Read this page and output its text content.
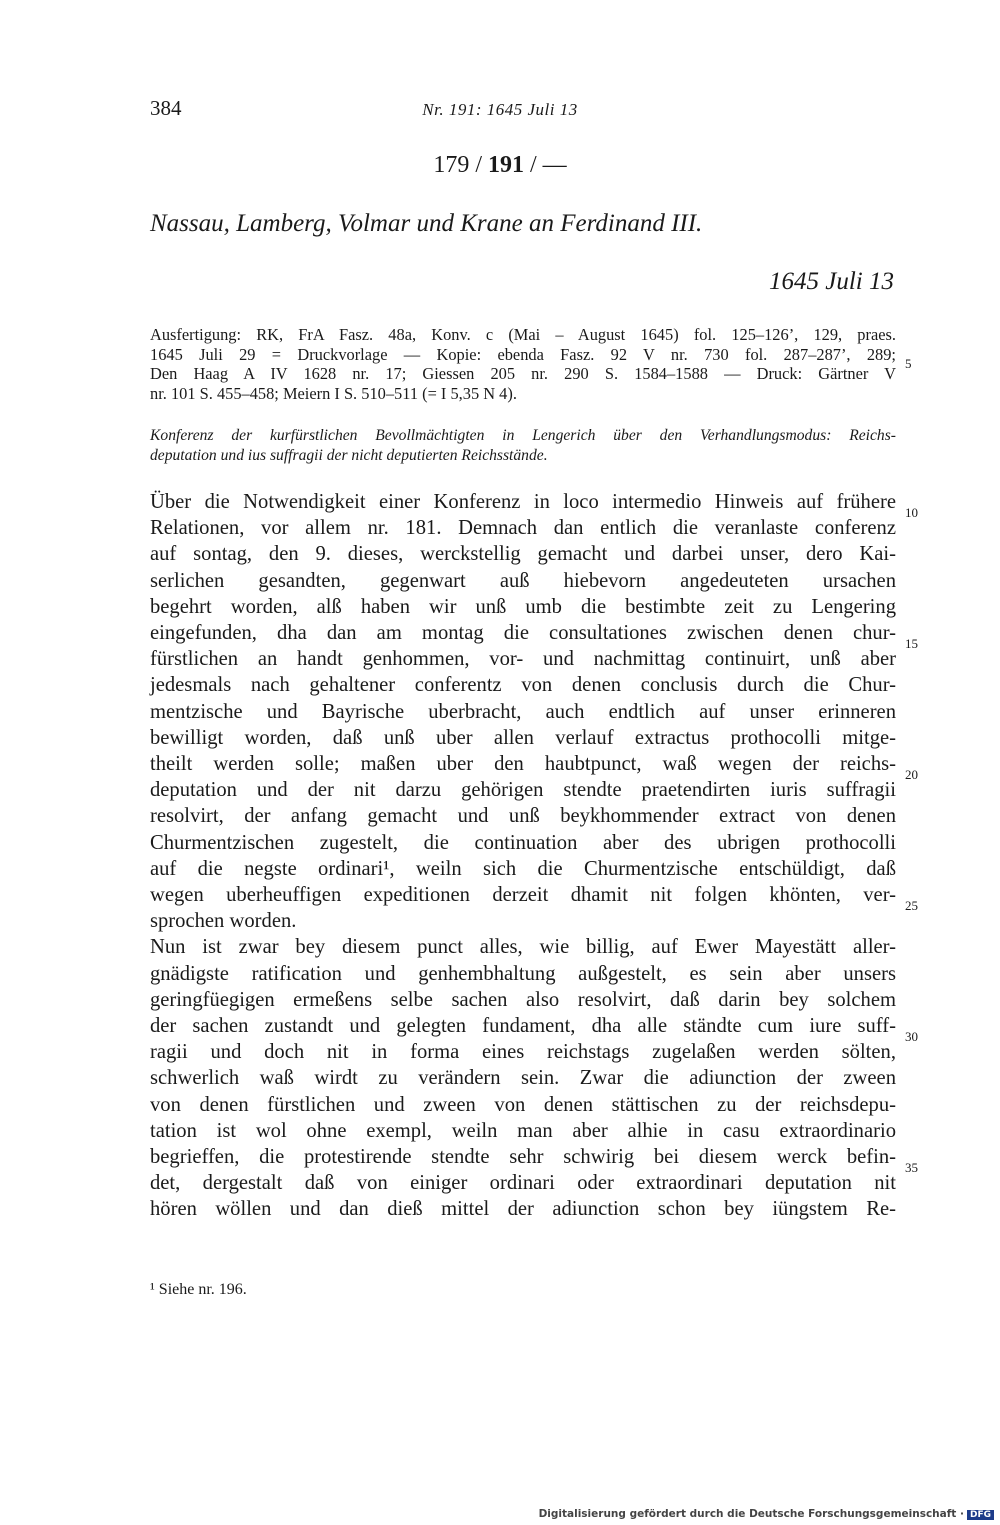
384	Nr. 191: 1645 Juli 13
179 / 191 / —
Nassau, Lamberg, Volmar und Krane an Ferdinand III.
1645 Juli 13
Ausfertigung: RK, FrA Fasz. 48a, Konv. c (Mai – August 1645) fol. 125–126’, 129, praes.
1645 Juli 29 = Druckvorlage — Kopie: ebenda Fasz. 92 V nr. 730 fol. 287–287’, 289;
Den Haag A IV 1628 nr. 17; Giessen 205 nr. 290 S. 1584–1588 — Druck: Gärtner V
nr. 101 S. 455–458; Meiern I S. 510–511 (= I 5,35 N 4).
5
Konferenz der kurfürstlichen Bevollmächtigten in Lengerich über den Verhandlungsmodus: Reichs-
deputation und ius suffragii der nicht deputierten Reichsstände.
Über die Notwendigkeit einer Konferenz in loco intermedio Hinweis auf frühere
Relationen, vor allem nr. 181. Demnach dan entlich die veranlaste conferenz
auf sontag, den 9. dieses, werckstellig gemacht und darbei unser, dero Kai-
serlichen gesandten, gegenwart auß hiebevorn angedeuteten ursachen
begehrt worden, alß haben wir unß umb die bestimbte zeit zu Lengering
eingefunden, dha dan am montag die consultationes zwischen denen chur-
fürstlichen an handt genhommen, vor- und nachmittag continuirt, unß aber
jedesmals nach gehaltener conferentz von denen conclusis durch die Chur-
mentzische und Bayrische uberbracht, auch endtlich auf unser erinneren
bewilligt worden, daß unß uber allen verlauf extractus prothocolli mitge-
theilt werden solle; maßen uber den haubtpunct, waß wegen der reichs-
deputation und der nit darzu gehörigen stendte praetendirten iuris suffragii
resolvirt, der anfang gemacht und unß beykhommender extract von denen
Churmentzischen zugestelt, die continuation aber des ubrigen prothocolli
auf die negste ordinari¹, weiln sich die Churmentzische entschüldigt, daß
wegen uberheuffigen expeditionen derzeit dhamit nit folgen khönten, ver-
sprochen worden.
Nun ist zwar bey diesem punct alles, wie billig, auf Ewer Mayestätt aller-
gnädigste ratification und genhembhaltung außgestelt, es sein aber unsers
geringfüegigen ermeßens selbe sachen also resolvirt, daß darin bey solchem
der sachen zustandt und gelegten fundament, dha alle ständte cum iure suff-
ragii und doch nit in forma eines reichstags zugelaßen werden sölten,
schwerlich waß wirdt zu verändern sein. Zwar die adiunction der zween
von denen fürstlichen und zween von denen stättischen zu der reichsdepu-
tation ist wol ohne exempl, weiln man aber alhie in casu extraordinario
begrieffen, die protestirende stendte sehr schwirig bei diesem werck befin-
det, dergestalt daß von einiger ordinari oder extraordinari deputation nit
hören wöllen und dan dieß mittel der adiunction schon bey iüngstem Re-
10
15
20
25
30
35
¹ Siehe nr. 196.
Digitalisierung gefördert durch die Deutsche Forschungsgemeinschaft · DFG
